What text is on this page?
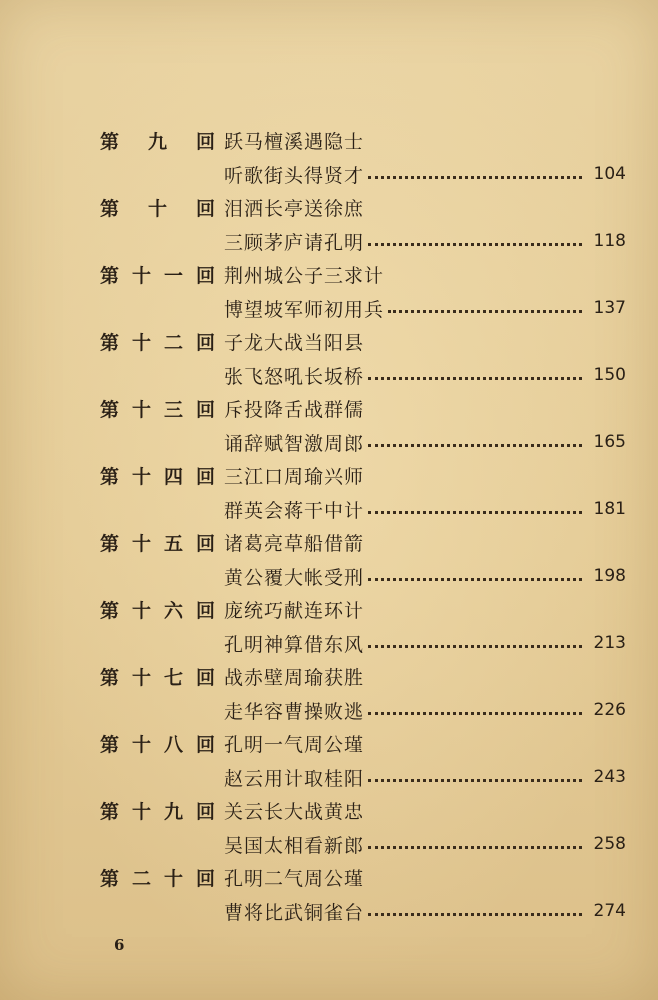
第 九 回 跃马檀溪遇隐士
听歌街头得贤才	104
第 十 回 泪洒长亭送徐庶
三顾茅庐请孔明	118
第 十 一 回 荆州城公子三求计
博望坡军师初用兵	137
第 十 二 回 子龙大战当阳县
张飞怒吼长坂桥	150
第 十 三 回 斥投降舌战群儒
诵辞赋智激周郎	165
第 十 四 回 三江口周瑜兴师
群英会蒋干中计	181
第 十 五 回 诸葛亮草船借箭
黄公覆大帐受刑	198
第 十 六 回 庞统巧献连环计
孔明神算借东风	213
第 十 七 回 战赤壁周瑜获胜
走华容曹操败逃	226
第 十 八 回 孔明一气周公瑾
赵云用计取桂阳	243
第 十 九 回 关云长大战黄忠
吴国太相看新郎	258
第 二 十 回 孔明二气周公瑾
曹将比武铜雀台	274
6
